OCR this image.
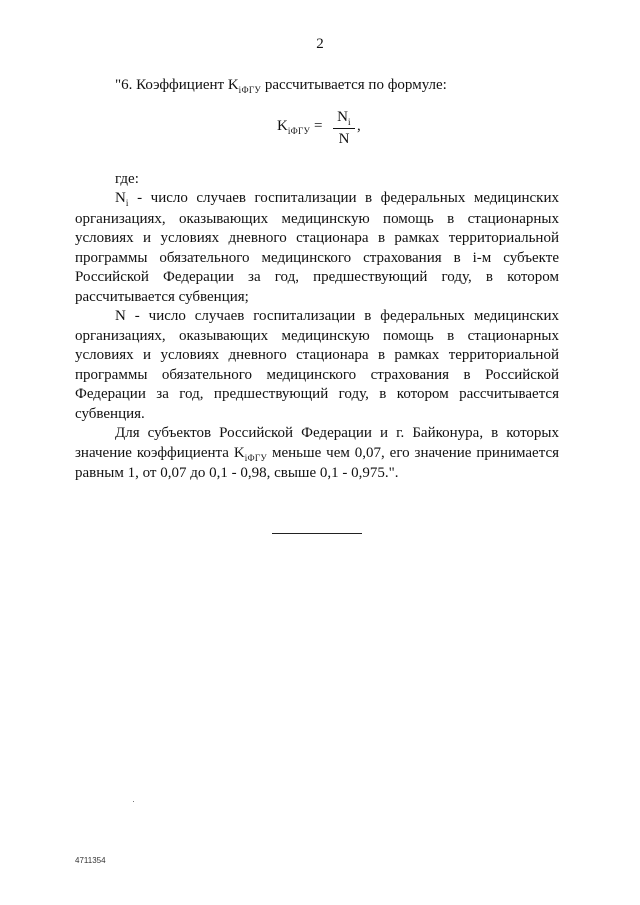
2
"6. Коэффициент $K_{iФГУ}$ рассчитывается по формуле:
$K_{iФГУ}$ =
$N_i$
N
,
где:
$N_i$ - число случаев госпитализации в федеральных медицинских организациях, оказывающих медицинскую помощь в стационарных условиях и условиях дневного стационара в рамках территориальной программы обязательного медицинского страхования в i-м субъекте Российской Федерации за год, предшествующий году, в котором рассчитывается субвенция;
N - число случаев госпитализации в федеральных медицинских организациях, оказывающих медицинскую помощь в стационарных условиях и условиях дневного стационара в рамках территориальной программы обязательного медицинского страхования в Российской Федерации за год, предшествующий году, в котором рассчитывается субвенция.
Для субъектов Российской Федерации и г. Байконура, в которых значение коэффициента $K_{iФГУ}$ меньше чем 0,07, его значение принимается равным 1, от 0,07 до 0,1 - 0,98, свыше 0,1 - 0,975.".
4711354
